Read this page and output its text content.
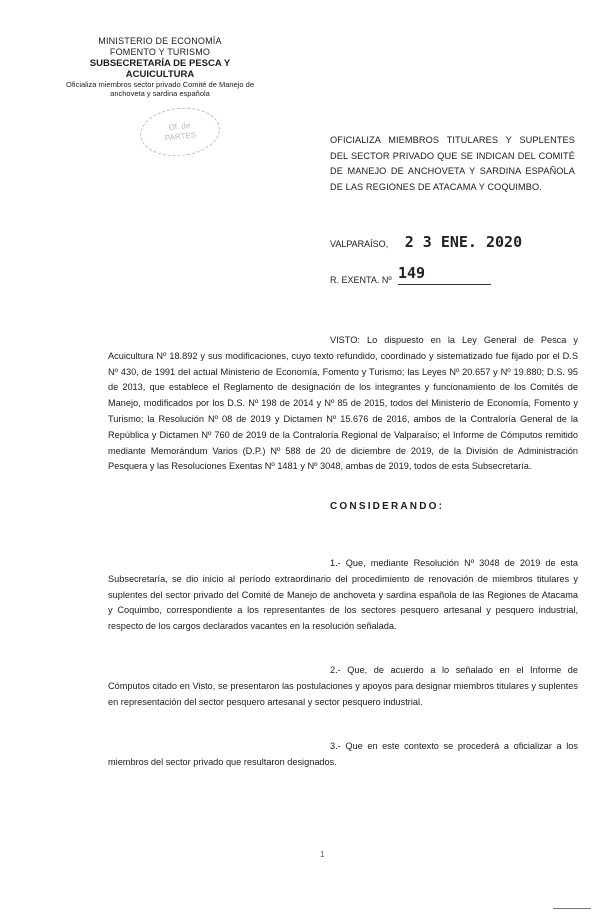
MINISTERIO DE ECONOMÍA
FOMENTO Y TURISMO
SUBSECRETARÍA DE PESCA Y ACUICULTURA
Oficializa miembros sector privado Comité de Manejo de
anchoveta y sardina española
Of. de
PARTES	OFICIALIZA MIEMBROS TITULARES Y SUPLENTES DEL SECTOR PRIVADO QUE SE INDICAN DEL COMITÉ DE MANEJO DE ANCHOVETA Y SARDINA ESPAÑOLA DE LAS REGIONES DE ATACAMA Y COQUIMBO.
VALPARAÍSO, 2 3 ENE. 2020
R. EXENTA. Nº 149
VISTO: Lo dispuesto en la Ley General de Pesca y Acuicultura Nº 18.892 y sus modificaciones, cuyo texto refundido, coordinado y sistematizado fue fijado por el D.S Nº 430, de 1991 del actual Ministerio de Economía, Fomento y Turismo; las Leyes Nº 20.657 y Nº 19.880; D.S. 95 de 2013, que establece el Reglamento de designación de los integrantes y funcionamiento de los Comités de Manejo, modificados por los D.S. Nº 198 de 2014 y Nº 85 de 2015, todos del Ministerio de Economía, Fomento y Turismo; la Resolución Nº 08 de 2019 y Dictamen Nº 15.676 de 2016, ambos de la Contraloría General de la República y Dictamen Nº 760 de 2019 de la Contraloría Regional de Valparaíso; el Informe de Cómputos remitido mediante Memorándum Varios (D.P.) Nº 588 de 20 de diciembre de 2019, de la División de Administración Pesquera y las Resoluciones Exentas Nº 1481 y Nº 3048, ambas de 2019, todos de esta Subsecretaría.
CONSIDERANDO:
1.- Que, mediante Resolución Nº 3048 de 2019 de esta Subsecretaría, se dio inicio al período extraordinario del procedimiento de renovación de miembros titulares y suplentes del sector privado del Comité de Manejo de anchoveta y sardina española de las Regiones de Atacama y Coquimbo, correspondiente a los representantes de los sectores pesquero artesanal y pesquero industrial, respecto de los cargos declarados vacantes en la resolución señalada.
2.- Que, de acuerdo a lo señalado en el Informe de Cómputos citado en Visto, se presentaron las postulaciones y apoyos para designar miembros titulares y suplentes en representación del sector pesquero artesanal y sector pesquero industrial.
3.- Que en este contexto se procederá a oficializar a los miembros del sector privado que resultaron designados.
1
